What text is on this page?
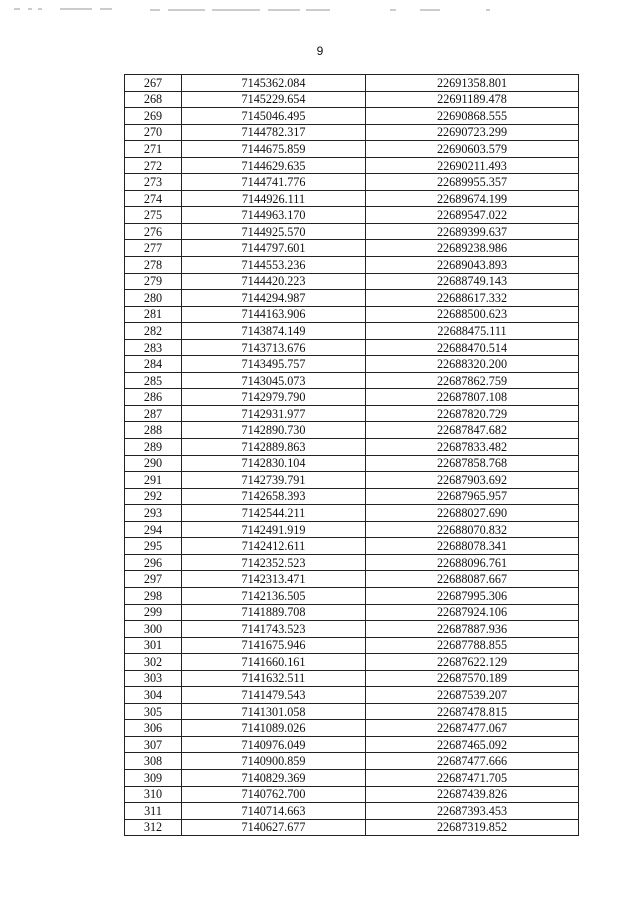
9
267	7145362.084	22691358.801
268	7145229.654	22691189.478
269	7145046.495	22690868.555
270	7144782.317	22690723.299
271	7144675.859	22690603.579
272	7144629.635	22690211.493
273	7144741.776	22689955.357
274	7144926.111	22689674.199
275	7144963.170	22689547.022
276	7144925.570	22689399.637
277	7144797.601	22689238.986
278	7144553.236	22689043.893
279	7144420.223	22688749.143
280	7144294.987	22688617.332
281	7144163.906	22688500.623
282	7143874.149	22688475.111
283	7143713.676	22688470.514
284	7143495.757	22688320.200
285	7143045.073	22687862.759
286	7142979.790	22687807.108
287	7142931.977	22687820.729
288	7142890.730	22687847.682
289	7142889.863	22687833.482
290	7142830.104	22687858.768
291	7142739.791	22687903.692
292	7142658.393	22687965.957
293	7142544.211	22688027.690
294	7142491.919	22688070.832
295	7142412.611	22688078.341
296	7142352.523	22688096.761
297	7142313.471	22688087.667
298	7142136.505	22687995.306
299	7141889.708	22687924.106
300	7141743.523	22687887.936
301	7141675.946	22687788.855
302	7141660.161	22687622.129
303	7141632.511	22687570.189
304	7141479.543	22687539.207
305	7141301.058	22687478.815
306	7141089.026	22687477.067
307	7140976.049	22687465.092
308	7140900.859	22687477.666
309	7140829.369	22687471.705
310	7140762.700	22687439.826
311	7140714.663	22687393.453
312	7140627.677	22687319.852
